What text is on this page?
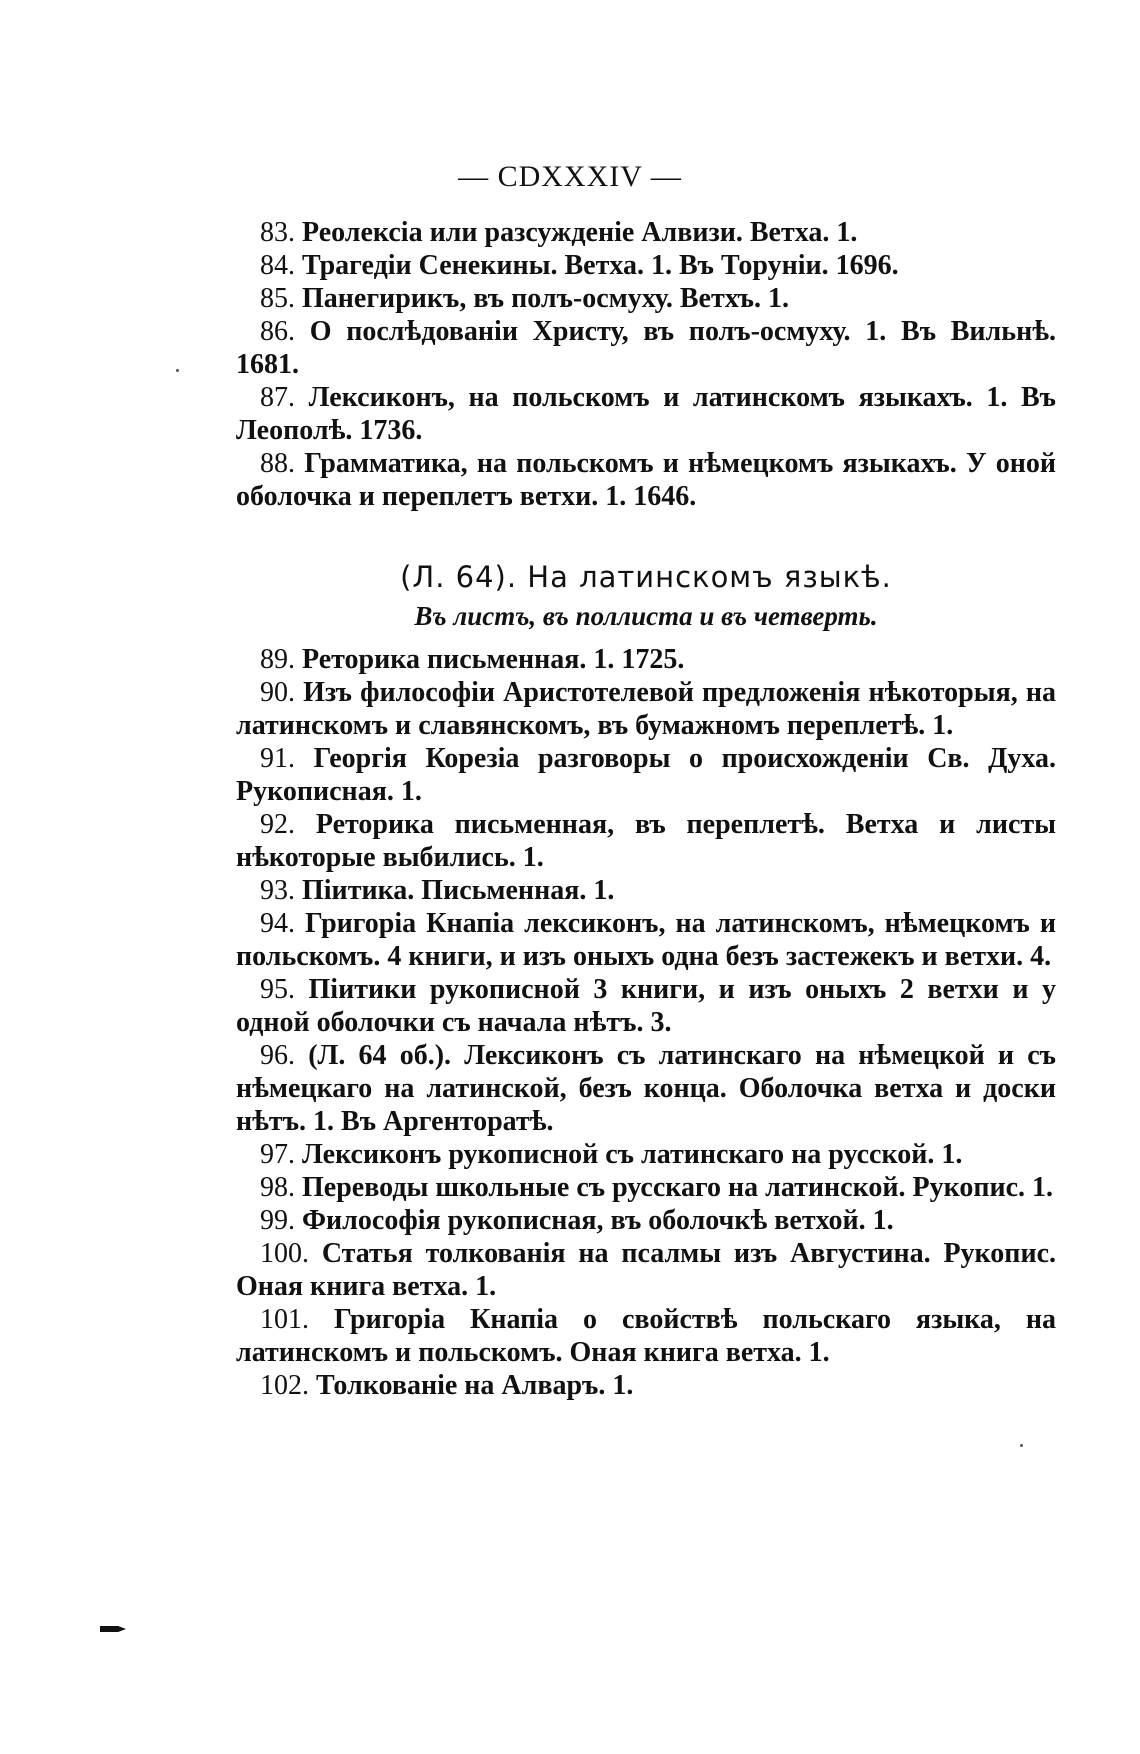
— CDXXXIV —

83. Реолексiа или разсужденiе Алвизи. Ветха. 1.

84. Трагедiи Сенекины. Ветха. 1. Въ Торунiи. 1696.

85. Панегирикъ, въ полъ-осмуху. Ветхъ. 1.

86. О послѣдованiи Христу, въ полъ-осмуху. 1. Въ Вильнѣ. 1681.

87. Лексиконъ, на польскомъ и латинскомъ языкахъ. 1. Въ Леополѣ. 1736.

88. Грамматика, на польскомъ и нѣмецкомъ языкахъ. У оной оболочка и переплетъ ветхи. 1. 1646.

(Л. 64). На латинскомъ языкѣ.

Въ листъ, въ поллиста и въ четверть.

89. Реторика письменная. 1. 1725.

90. Изъ философiи Аристотелевой предложенiя нѣкоторыя, на латинскомъ и славянскомъ, въ бумажномъ переплетѣ. 1.

91. Георгiя Корезiа разговоры о происхожденiи Св. Духа. Рукописная. 1.

92. Реторика письменная, въ переплетѣ. Ветха и листы нѣкоторые выбились. 1.

93. Пiитика. Письменная. 1.

94. Григорiа Кнапiа лексиконъ, на латинскомъ, нѣмецкомъ и польскомъ. 4 книги, и изъ оныхъ одна безъ застежекъ и ветхи. 4.

95. Пiитики рукописной 3 книги, и изъ оныхъ 2 ветхи и у одной оболочки съ начала нѣтъ. 3.

96. (Л. 64 об.). Лексиконъ съ латинскаго на нѣмецкой и съ нѣмецкаго на латинской, безъ конца. Оболочка ветха и доски нѣтъ. 1. Въ Аргенторатѣ.

97. Лексиконъ рукописной съ латинскаго на русской. 1.

98. Переводы школьные съ русскаго на латинской. Рукопис. 1.

99. Философiя рукописная, въ оболочкѣ ветхой. 1.

100. Статья толкованiя на псалмы изъ Августина. Рукопис. Оная книга ветха. 1.

101. Григорiа Кнапiа о свойствѣ польскаго языка, на латинскомъ и польскомъ. Оная книга ветха. 1.

102. Толкованiе на Алваръ. 1.
